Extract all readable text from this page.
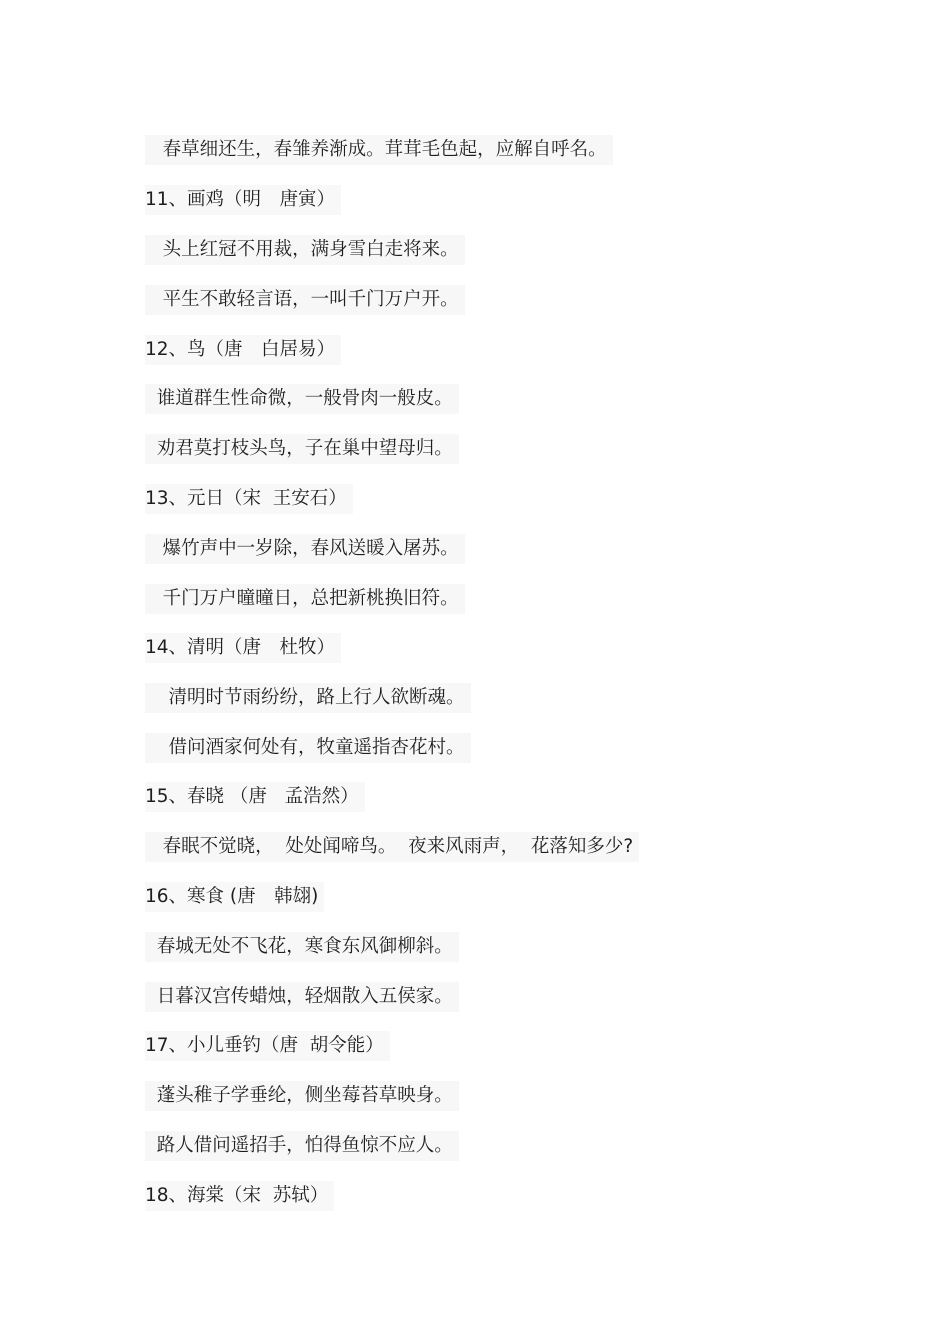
春草细还生，春雏养渐成。茸茸毛色起，应解自呼名。
11、画鸡（明　唐寅）
头上红冠不用裁，满身雪白走将来。
平生不敢轻言语，一叫千门万户开。
12、鸟（唐　白居易）
谁道群生性命微，一般骨肉一般皮。
劝君莫打枝头鸟，子在巢中望母归。
13、元日（宋  王安石）
爆竹声中一岁除，春风送暖入屠苏。
千门万户曈曈日，总把新桃换旧符。
14、清明（唐　杜牧）
清明时节雨纷纷，路上行人欲断魂。
借问酒家何处有，牧童遥指杏花村。
15、春晓 （唐   孟浩然）
春眠不觉晓，  处处闻啼鸟。  夜来风雨声，  花落知多少?
16、寒食 (唐　韩翃)
春城无处不飞花，寒食东风御柳斜。
日暮汉宫传蜡烛，轻烟散入五侯家。
17、小儿垂钓（唐  胡令能）
蓬头稚子学垂纶，侧坐莓苔草映身。
路人借问遥招手，怕得鱼惊不应人。
18、海棠（宋  苏轼）
